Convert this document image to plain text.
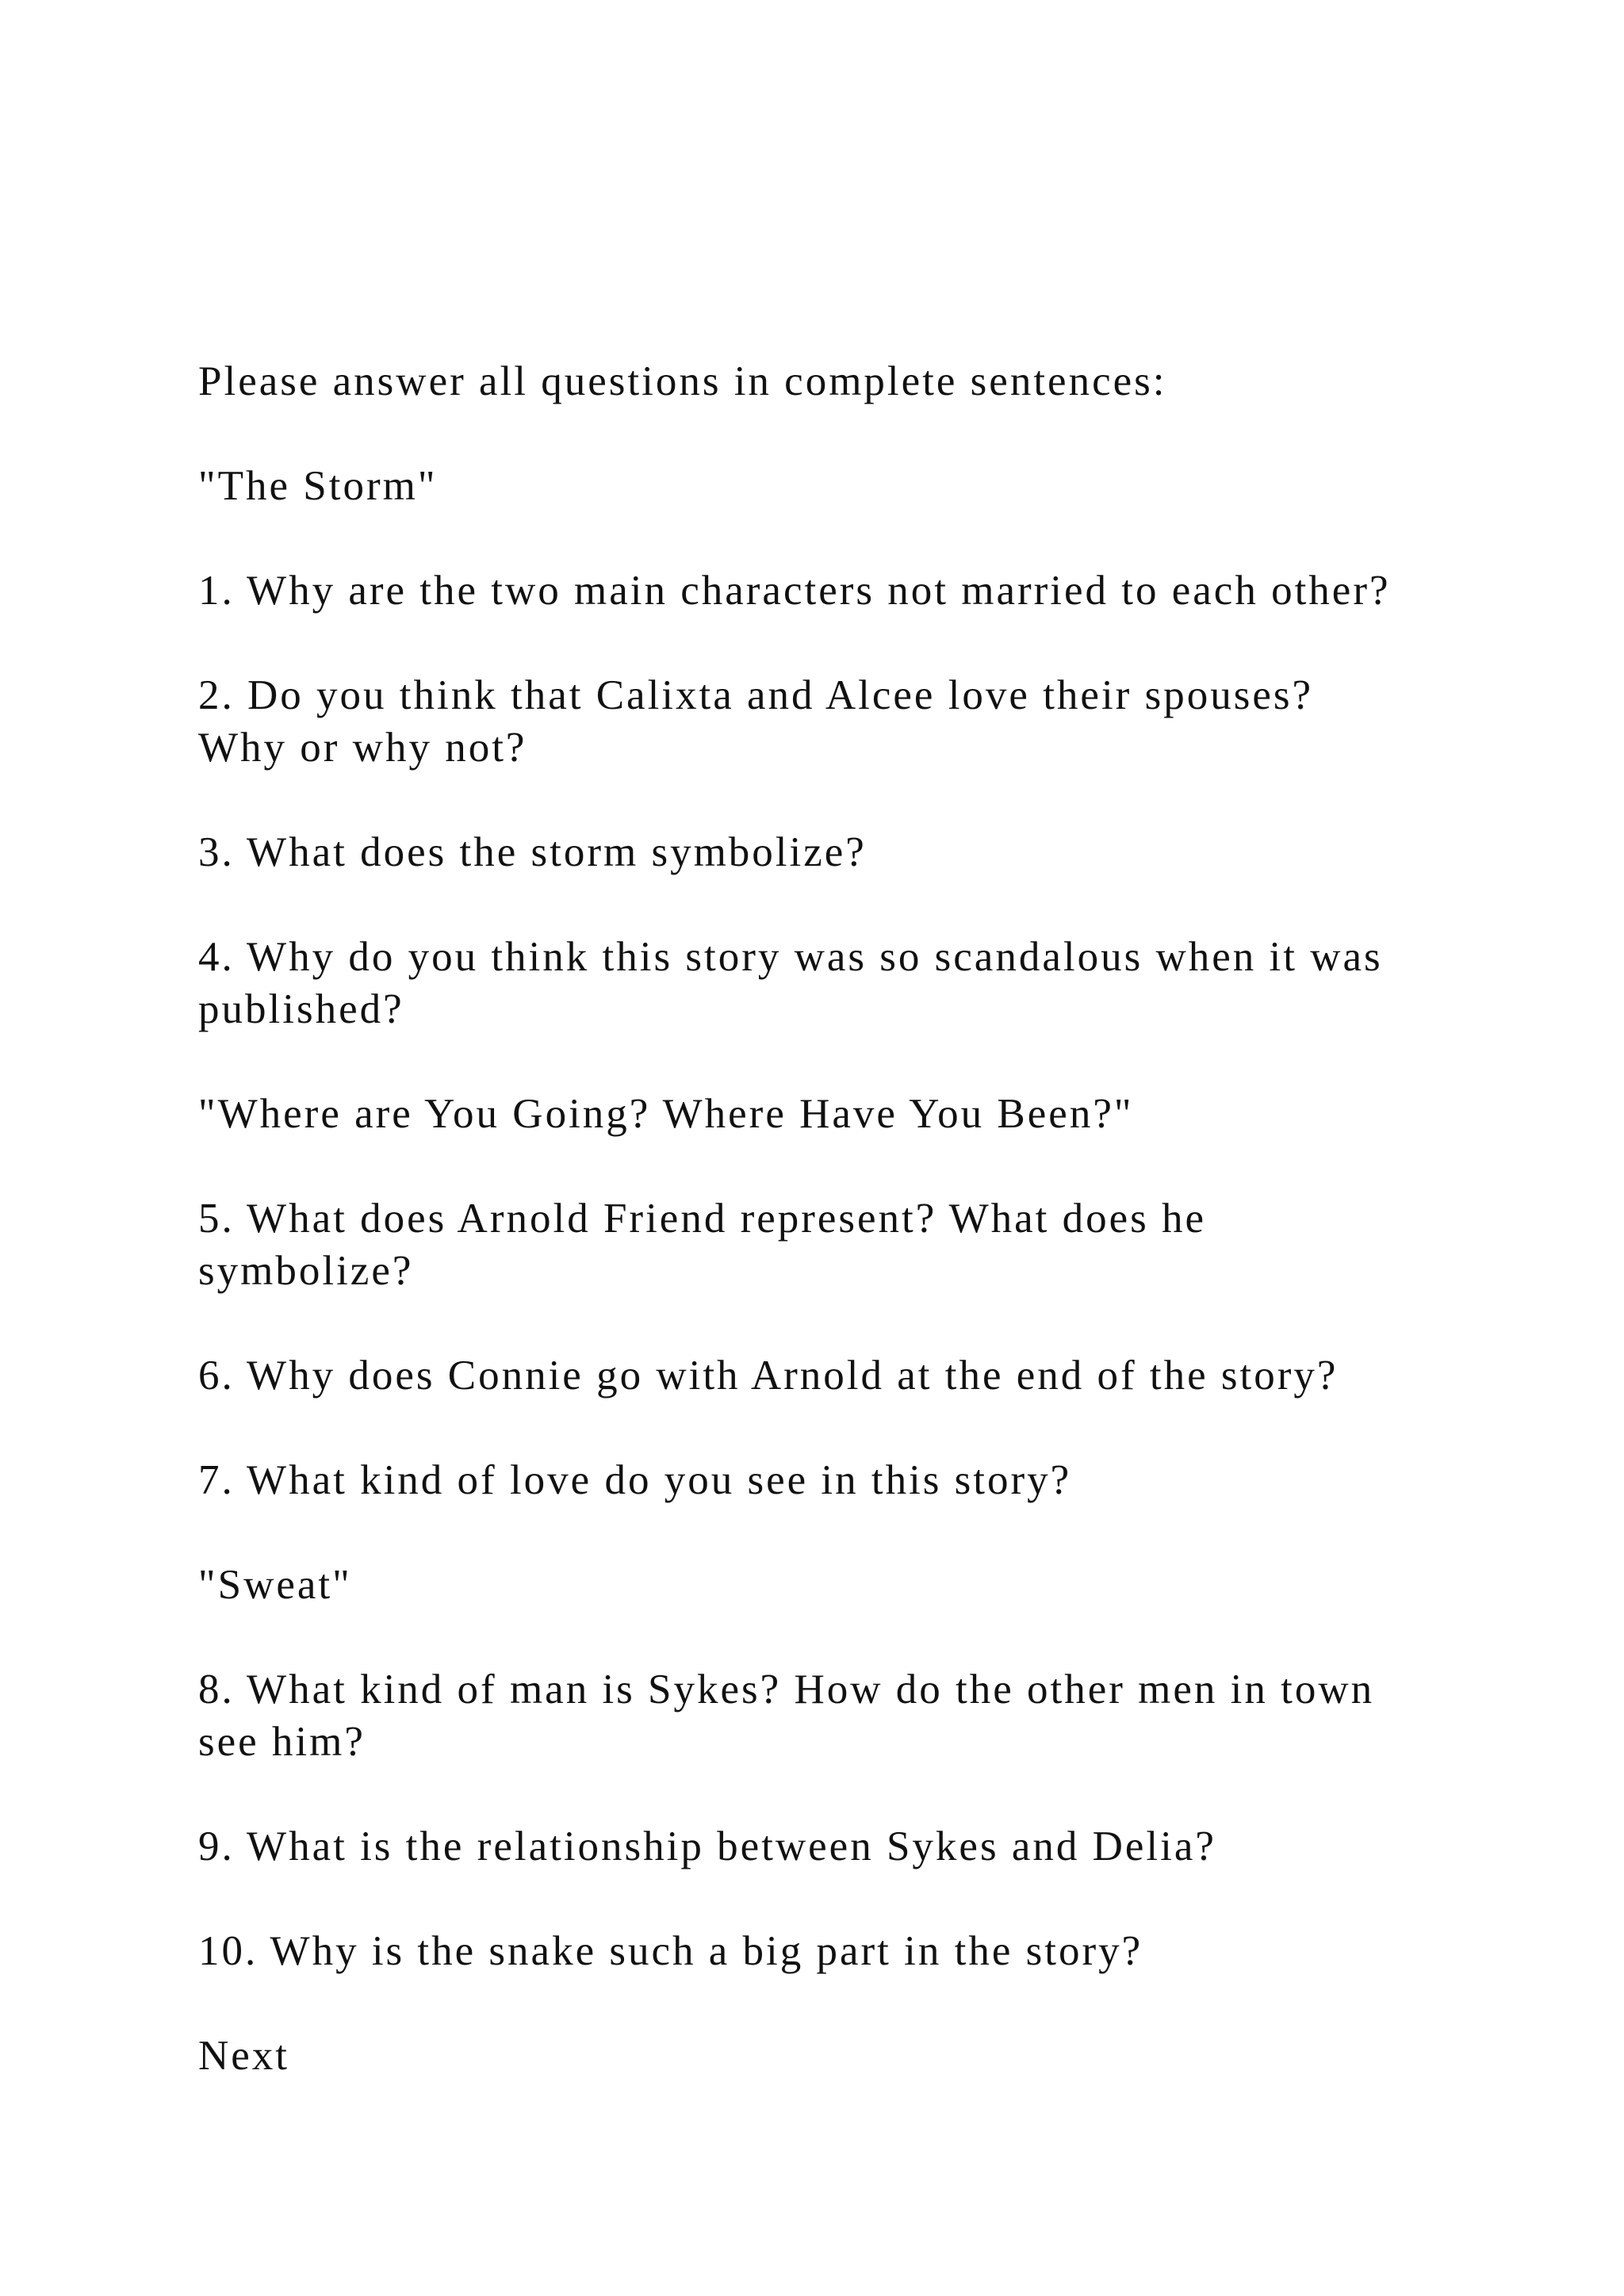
Please answer all questions in complete sentences:

"The Storm"

1. Why are the two main characters not married to each other?

2. Do you think that Calixta and Alcee love their spouses?

Why or why not?

3. What does the storm symbolize?

4. Why do you think this story was so scandalous when it was

published?

"Where are You Going? Where Have You Been?"

5. What does Arnold Friend represent? What does he

symbolize?

6. Why does Connie go with Arnold at the end of the story?

7. What kind of love do you see in this story?

"Sweat"

8. What kind of man is Sykes? How do the other men in town

see him?

9. What is the relationship between Sykes and Delia?

10. Why is the snake such a big part in the story?

Next
